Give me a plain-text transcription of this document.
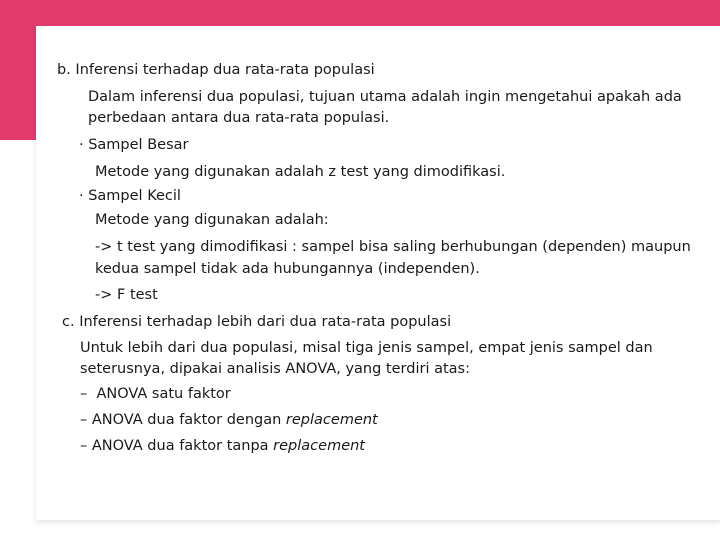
b. Inferensi terhadap dua rata-rata populasi
Dalam inferensi dua populasi, tujuan utama adalah ingin mengetahui apakah ada
perbedaan antara dua rata-rata populasi.
· Sampel Besar
Metode yang digunakan adalah z test yang dimodifikasi.
· Sampel Kecil
Metode yang digunakan adalah:
-> t test yang dimodifikasi : sampel bisa saling berhubungan (dependen) maupun
kedua sampel tidak ada hubungannya (independen).
-> F test
c. Inferensi terhadap lebih dari dua rata-rata populasi
Untuk lebih dari dua populasi, misal tiga jenis sampel, empat jenis sampel dan
seterusnya, dipakai analisis ANOVA, yang terdiri atas:
– ANOVA satu faktor
– ANOVA dua faktor dengan replacement
– ANOVA dua faktor tanpa replacement
